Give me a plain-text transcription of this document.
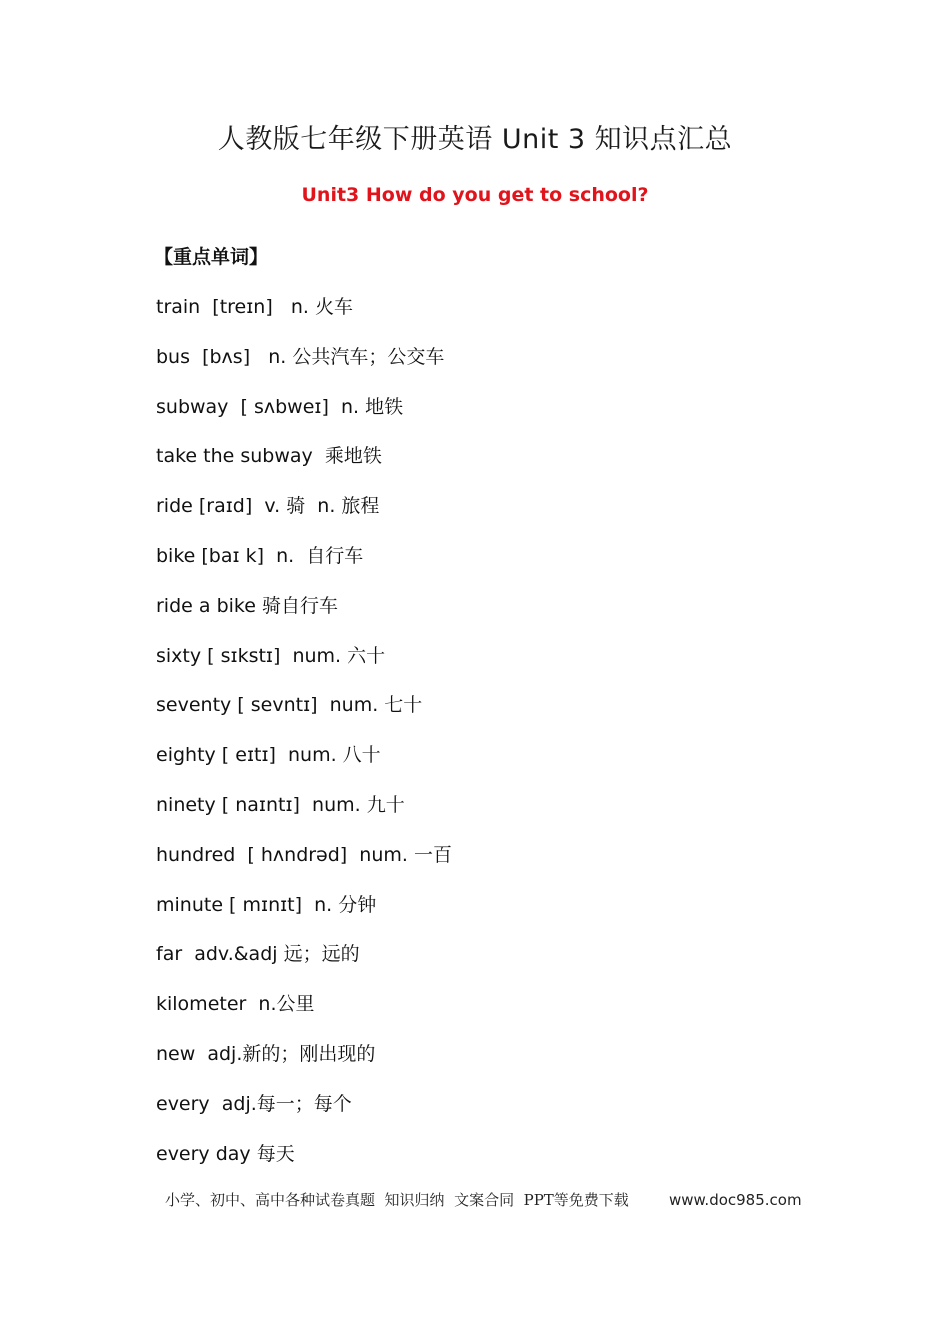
人教版七年级下册英语 Unit 3 知识点汇总
Unit3 How do you get to school?
【重点单词】
train  [treɪn]   n. 火车
bus  [bʌs]   n. 公共汽车；公交车
subway  [ sʌbweɪ]  n. 地铁
take the subway  乘地铁
ride [raɪd]  v. 骑  n. 旅程
bike [baɪ k]  n.  自行车
ride a bike 骑自行车
sixty [ sɪkstɪ]  num. 六十
seventy [ sevntɪ]  num. 七十
eighty [ eɪtɪ]  num. 八十
ninety [ naɪntɪ]  num. 九十
hundred  [ hʌndrəd]  num. 一百
minute [ mɪnɪt]  n. 分钟
far  adv.&adj 远；远的
kilometer  n.公里
new  adj.新的；刚出现的
every  adj.每一；每个
every day 每天
小学、初中、高中各种试卷真题  知识归纳  文案合同  PPT等免费下载	www.doc985.com
